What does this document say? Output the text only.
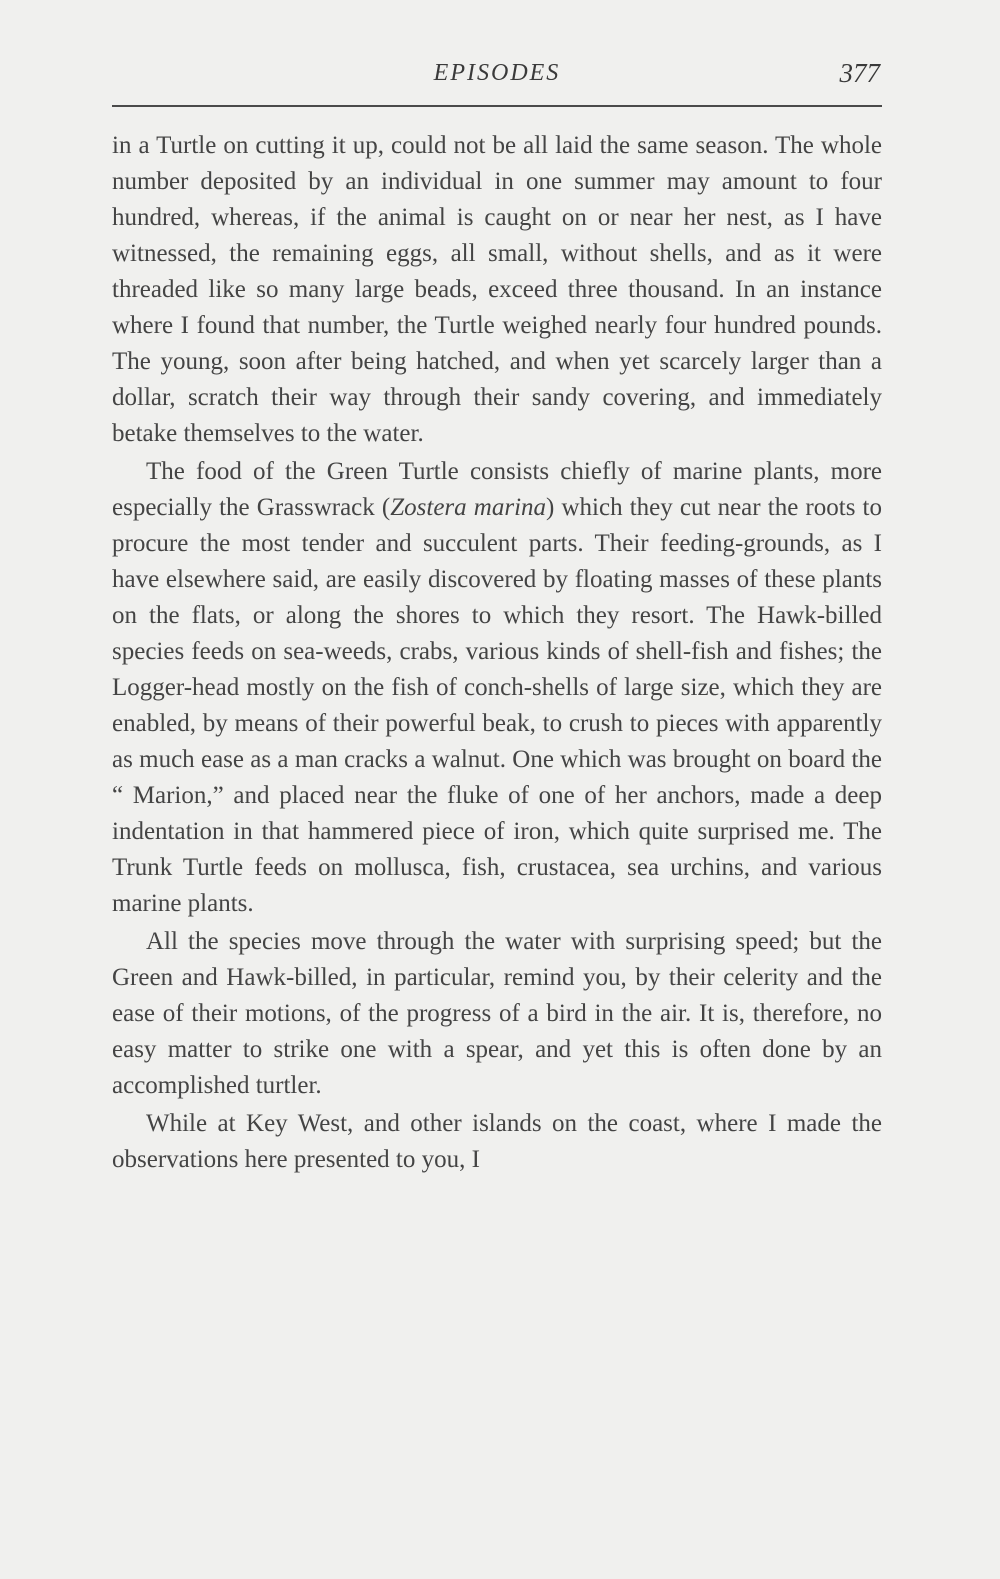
EPISODES	377

in a Turtle on cutting it up, could not be all laid the same season. The whole number deposited by an individual in one summer may amount to four hundred, whereas, if the animal is caught on or near her nest, as I have witnessed, the remaining eggs, all small, without shells, and as it were threaded like so many large beads, exceed three thousand. In an instance where I found that number, the Turtle weighed nearly four hundred pounds. The young, soon after being hatched, and when yet scarcely larger than a dollar, scratch their way through their sandy covering, and immediately betake themselves to the water.

The food of the Green Turtle consists chiefly of marine plants, more especially the Grasswrack (Zostera marina) which they cut near the roots to procure the most tender and succulent parts. Their feeding-grounds, as I have elsewhere said, are easily discovered by floating masses of these plants on the flats, or along the shores to which they resort. The Hawk-billed species feeds on sea-weeds, crabs, various kinds of shell-fish and fishes; the Logger-head mostly on the fish of conch-shells of large size, which they are enabled, by means of their powerful beak, to crush to pieces with apparently as much ease as a man cracks a walnut. One which was brought on board the “ Marion,” and placed near the fluke of one of her anchors, made a deep indentation in that hammered piece of iron, which quite surprised me. The Trunk Turtle feeds on mollusca, fish, crustacea, sea urchins, and various marine plants.

All the species move through the water with surprising speed; but the Green and Hawk-billed, in particular, remind you, by their celerity and the ease of their motions, of the progress of a bird in the air. It is, therefore, no easy matter to strike one with a spear, and yet this is often done by an accomplished turtler.

While at Key West, and other islands on the coast, where I made the observations here presented to you, I
